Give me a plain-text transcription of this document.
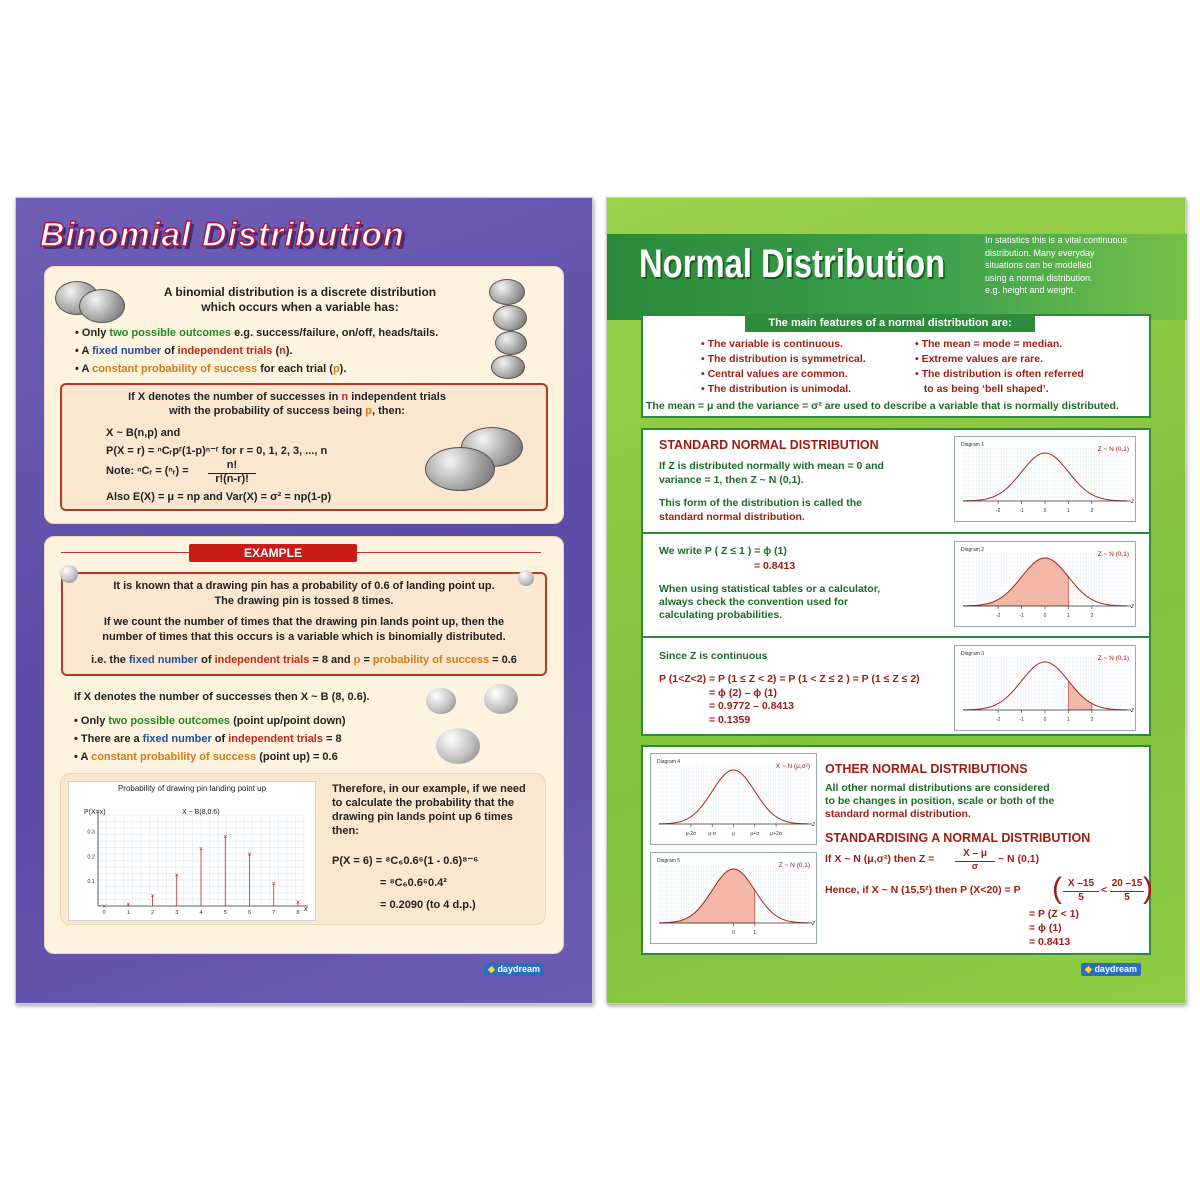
Binomial Distribution
A binomial distribution is a discrete distribution
which occurs when a variable has:
• Only two possible outcomes e.g. success/failure, on/off, heads/tails.
• A fixed number of independent trials (n).
• A constant probability of success for each trial (p).
If X denotes the number of successes in n independent trials
with the probability of success being p, then:
X ~ B(n,p) and
P(X = r) = ⁿCᵣpʳ(1-p)ⁿ⁻ʳ for r = 0, 1, 2, 3, ..., n
Note: ⁿCᵣ = (ⁿᵣ) =	n!
r!(n-r)!
Also E(X) = μ = np and Var(X) = σ² = np(1-p)
EXAMPLE
It is known that a drawing pin has a probability of 0.6 of landing point up.
The drawing pin is tossed 8 times.
If we count the number of times that the drawing pin lands point up, then the
number of times that this occurs is a variable which is binomially distributed.
i.e. the fixed number of independent trials = 8 and p = probability of success = 0.6
If X denotes the number of successes then X ~ B (8, 0.6).
• Only two possible outcomes (point up/point down)
• There are a fixed number of independent trials = 8
• A constant probability of success (point up) = 0.6
0.1
0.2
0.3
0	1	2	3	4	5	6	7	8
Probability of drawing pin landing point up
P(X=x)	X ~ B(8,0.6)
x
×	×
×
×
×
×
×
×
×
Therefore, in our example, if we need
to calculate the probability that the
drawing pin lands point up 6 times
then:
P(X = 6) = ⁸C₆0.6⁶(1 - 0.6)⁸⁻⁶
= ⁸C₆0.6⁶0.4²
= 0.2090 (to 4 d.p.)
◆ daydream
Normal Distribution
In statistics this is a vital continuous
distribution. Many everyday
situations can be modelled
using a normal distribution.
e.g. height and weight.
The main features of a normal distribution are:
• The variable is continuous.
• The distribution is symmetrical.
• Central values are common.
• The distribution is unimodal.
• The mean = mode = median.
• Extreme values are rare.
• The distribution is often referred
to as being ‘bell shaped’.
The mean = μ and the variance = σ² are used to describe a variable that is normally distributed.
STANDARD NORMAL DISTRIBUTION
If Z is distributed normally with mean = 0 and
variance = 1, then Z ~ N (0,1).
This form of the distribution is called the
standard normal distribution.
We write P ( Z ≤ 1 ) = ϕ (1)
= 0.8413
When using statistical tables or a calculator,
always check the convention used for
calculating probabilities.
Since Z is continuous
P (1<Z<2) = P (1 ≤ Z < 2) = P (1 < Z ≤ 2 ) = P (1 ≤ Z ≤ 2)
= ϕ (2) – ϕ (1)
= 0.9772 – 0.8413
= 0.1359
z
-2	-1	0	1	2
Diagram 1
Z ~ N (0,1)
z
-2	-1	0	1	2
Diagram 2
Z ~ N (0,1)
z
-2	-1	0	1	2
Diagram 3
Z ~ N (0,1)
z
μ-2σ μ-σ	μ	μ+σ μ+2σ
Diagram 4
X ~ N (μ,σ²)
z
0	1
Diagram 5
Z ~ N (0,1)
OTHER NORMAL DISTRIBUTIONS
All other normal distributions are considered
to be changes in position, scale or both of the
standard normal distribution.
STANDARDISING A NORMAL DISTRIBUTION
If X ~ N (μ,σ²) then Z =	X – μ
σ
~ N (0,1)
Hence, if X ~ N (15,5²) then P (X<20) = P ( X –15
5
<
20 –15
5 )
= P (Z < 1)
= ϕ (1)
= 0.8413
◆ daydream
